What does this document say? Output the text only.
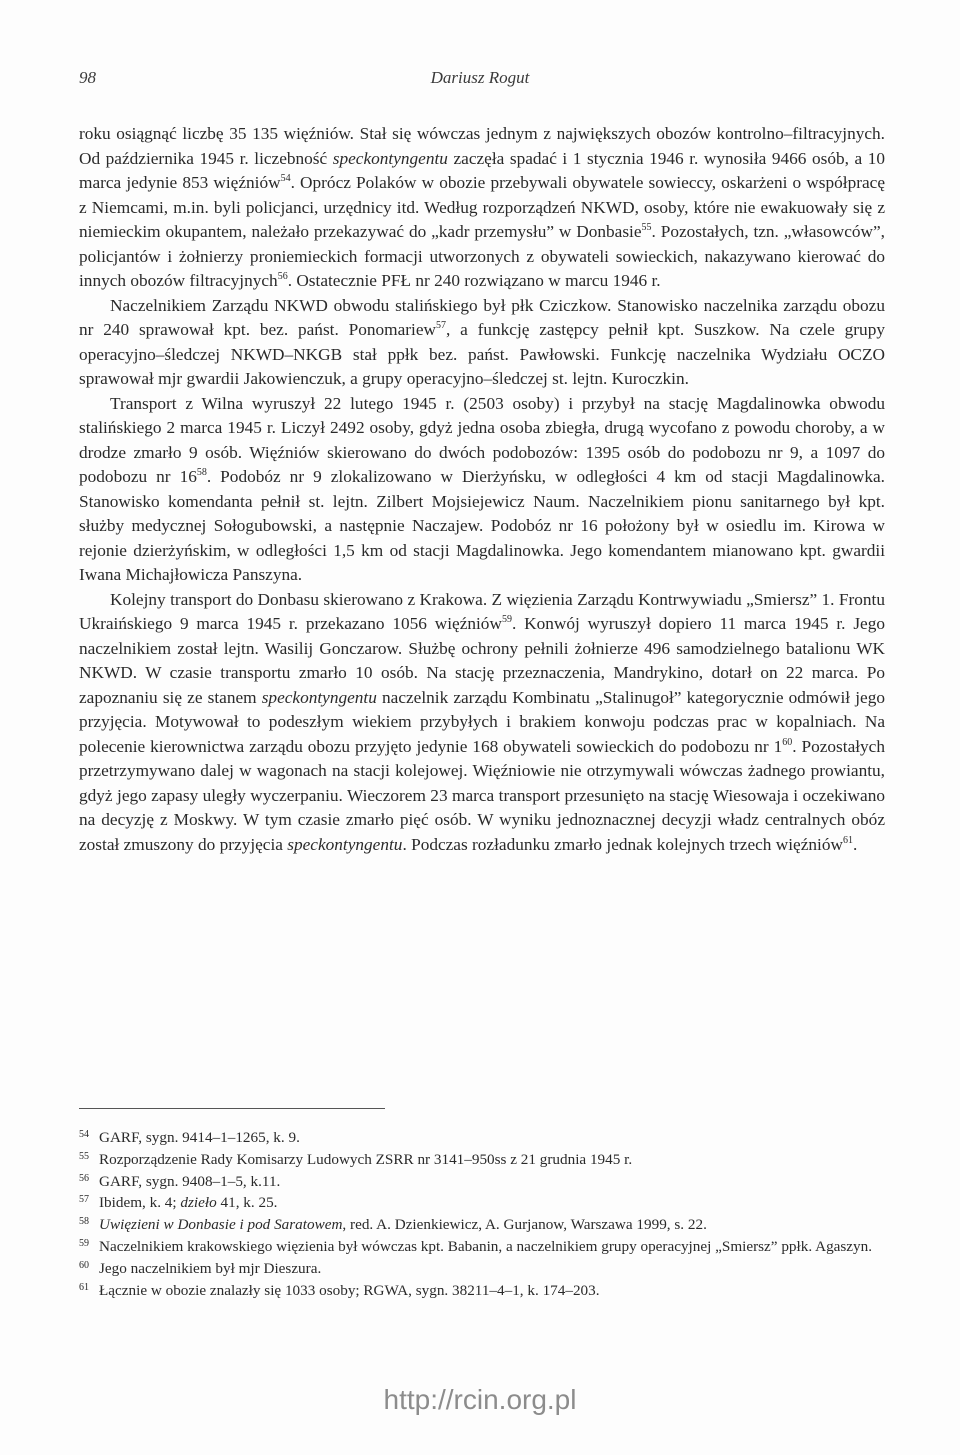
98	Dariusz Rogut

roku osiągnąć liczbę 35 135 więźniów. Stał się wówczas jednym z największych obozów kontrolno–filtracyjnych. Od października 1945 r. liczebność speckontyngentu zaczęła spadać i 1 stycznia 1946 r. wynosiła 9466 osób, a 10 marca jedynie 853 więźniów$^{54}$. Oprócz Polaków w obozie przebywali obywatele sowieccy, oskarżeni o współpracę z Niemcami, m.in. byli policjanci, urzędnicy itd. Według rozporządzeń NKWD, osoby, które nie ewakuowały się z niemieckim okupantem, należało przekazywać do „kadr przemysłu” w Donbasie$^{55}$. Pozostałych, tzn. „własowców”, policjantów i żołnierzy proniemieckich formacji utworzonych z obywateli sowieckich, nakazywano kierować do innych obozów filtracyjnych$^{56}$. Ostatecznie PFŁ nr 240 rozwiązano w marcu 1946 r.

Naczelnikiem Zarządu NKWD obwodu stalińskiego był płk Cziczkow. Stanowisko naczelnika zarządu obozu nr 240 sprawował kpt. bez. państ. Ponomariew$^{57}$, a funkcję zastępcy pełnił kpt. Suszkow. Na czele grupy operacyjno–śledczej NKWD–NKGB stał ppłk bez. państ. Pawłowski. Funkcję naczelnika Wydziału OCZO sprawował mjr gwardii Jakowienczuk, a grupy operacyjno–śledczej st. lejtn. Kuroczkin.

Transport z Wilna wyruszył 22 lutego 1945 r. (2503 osoby) i przybył na stację Magdalinowka obwodu stalińskiego 2 marca 1945 r. Liczył 2492 osoby, gdyż jedna osoba zbiegła, drugą wycofano z powodu choroby, a w drodze zmarło 9 osób. Więźniów skierowano do dwóch podobozów: 1395 osób do podobozu nr 9, a 1097 do podobozu nr $16^{58}$. Podobóz nr 9 zlokalizowano w Dierżyńsku, w odległości 4 km od stacji Magdalinowka. Stanowisko komendanta pełnił st. lejtn. Zilbert Mojsiejewicz Naum. Naczelnikiem pionu sanitarnego był kpt. służby medycznej Sołogubowski, a następnie Naczajew. Podobóz nr 16 położony był w osiedlu im. Kirowa w rejonie dzierżyńskim, w odległości 1,5 km od stacji Magdalinowka. Jego komendantem mianowano kpt. gwardii Iwana Michajłowicza Panszyna.

Kolejny transport do Donbasu skierowano z Krakowa. Z więzienia Zarządu Kontrwywiadu „Smiersz” 1. Frontu Ukraińskiego 9 marca 1945 r. przekazano 1056 więźniów$^{59}$. Konwój wyruszył dopiero 11 marca 1945 r. Jego naczelnikiem został lejtn. Wasilij Gonczarow. Służbę ochrony pełnili żołnierze 496 samodzielnego batalionu WK NKWD. W czasie transportu zmarło 10 osób. Na stację przeznaczenia, Mandrykino, dotarł on 22 marca. Po zapoznaniu się ze stanem speckontyngentu naczelnik zarządu Kombinatu „Stalinugoł” kategorycznie odmówił jego przyjęcia. Motywował to podeszłym wiekiem przybyłych i brakiem konwoju podczas prac w kopalniach. Na polecenie kierownictwa zarządu obozu przyjęto jedynie 168 obywateli sowieckich do podobozu nr $1^{60}$. Pozostałych przetrzymywano dalej w wagonach na stacji kolejowej. Więźniowie nie otrzymywali wówczas żadnego prowiantu, gdyż jego zapasy uległy wyczerpaniu. Wieczorem 23 marca transport przesunięto na stację Wiesowaja i oczekiwano na decyzję z Moskwy. W tym czasie zmarło pięć osób. W wyniku jednoznacznej decyzji władz centralnych obóz został zmuszony do przyjęcia speckontyngentu. Podczas rozładunku zmarło jednak kolejnych trzech więźniów$^{61}$.

54 GARF, sygn. 9414–1–1265, k. 9.
55 Rozporządzenie Rady Komisarzy Ludowych ZSRR nr 3141–950ss z 21 grudnia 1945 r.
56 GARF, sygn. 9408–1–5, k.11.
57 Ibidem, k. 4; dzieło 41, k. 25.
58 Uwięzieni w Donbasie i pod Saratowem, red. A. Dzienkiewicz, A. Gurjanow, Warszawa 1999, s. 22.
59 Naczelnikiem krakowskiego więzienia był wówczas kpt. Babanin, a naczelnikiem grupy operacyjnej „Smiersz” ppłk. Agaszyn.
60 Jego naczelnikiem był mjr Dieszura.
61 Łącznie w obozie znalazły się 1033 osoby; RGWA, sygn. 38211–4–1, k. 174–203.
http://rcin.org.pl
